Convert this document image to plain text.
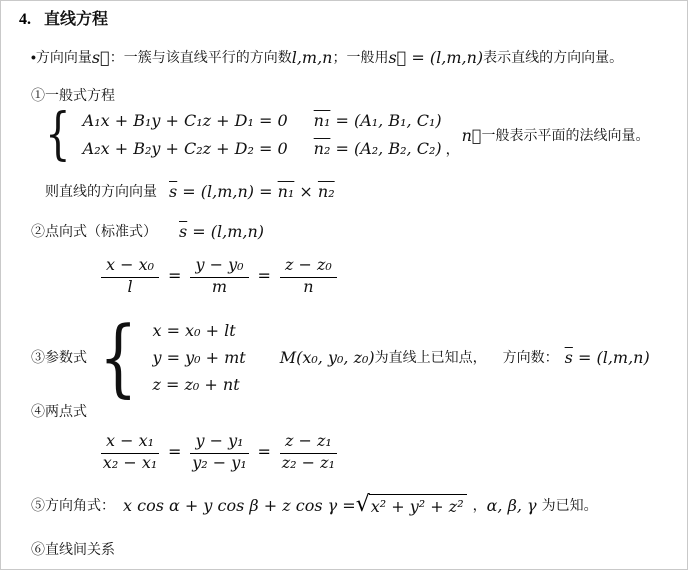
4. 直线方程
• 方向向量 s⃗ ：一簇与该直线平行的方向数 l,m,n ；一般用 s⃗ = (l,m,n) 表示直线的方向向量。
①一般式方程
{ A₁x + B₁y + C₁z + D₁ = 0
A₂x + B₂y + C₂z + D₂ = 0
n₁ = (A₁, B₁, C₁)
n₂ = (A₂, B₂, C₂) ，
n⃗ 一般表示平面的法线向量。
则直线的方向向量 $\overline{s} = (l,m,n) = n_1 \times n_2$
②点向式（标准式） $\overline{s} = (l,m,n)$
$\frac{\text{x − x₀}}{l} = \frac{\text{y − y₀}}{m} = \frac{\text{z − z₀}}{n}$
③参数式 { x = x₀ + lt
y = y₀ + mt
z = z₀ + nt
M(x₀, y₀, z₀) 为直线上已知点， 方向数： $\overline{s} = (l,m,n)$
④两点式
$\frac{\text{x − x₁}}{\text{x₂ − x₁}} = \frac{\text{y − y₁}}{\text{y₂ − y₁}} = \frac{\text{z − z₁}}{\text{z₂ − z₁}}$
⑤方向角式： x cos α + y cos β + z cos γ = √ x² + y² + z² ， α, β, γ 为已知。
⑥直线间关系
